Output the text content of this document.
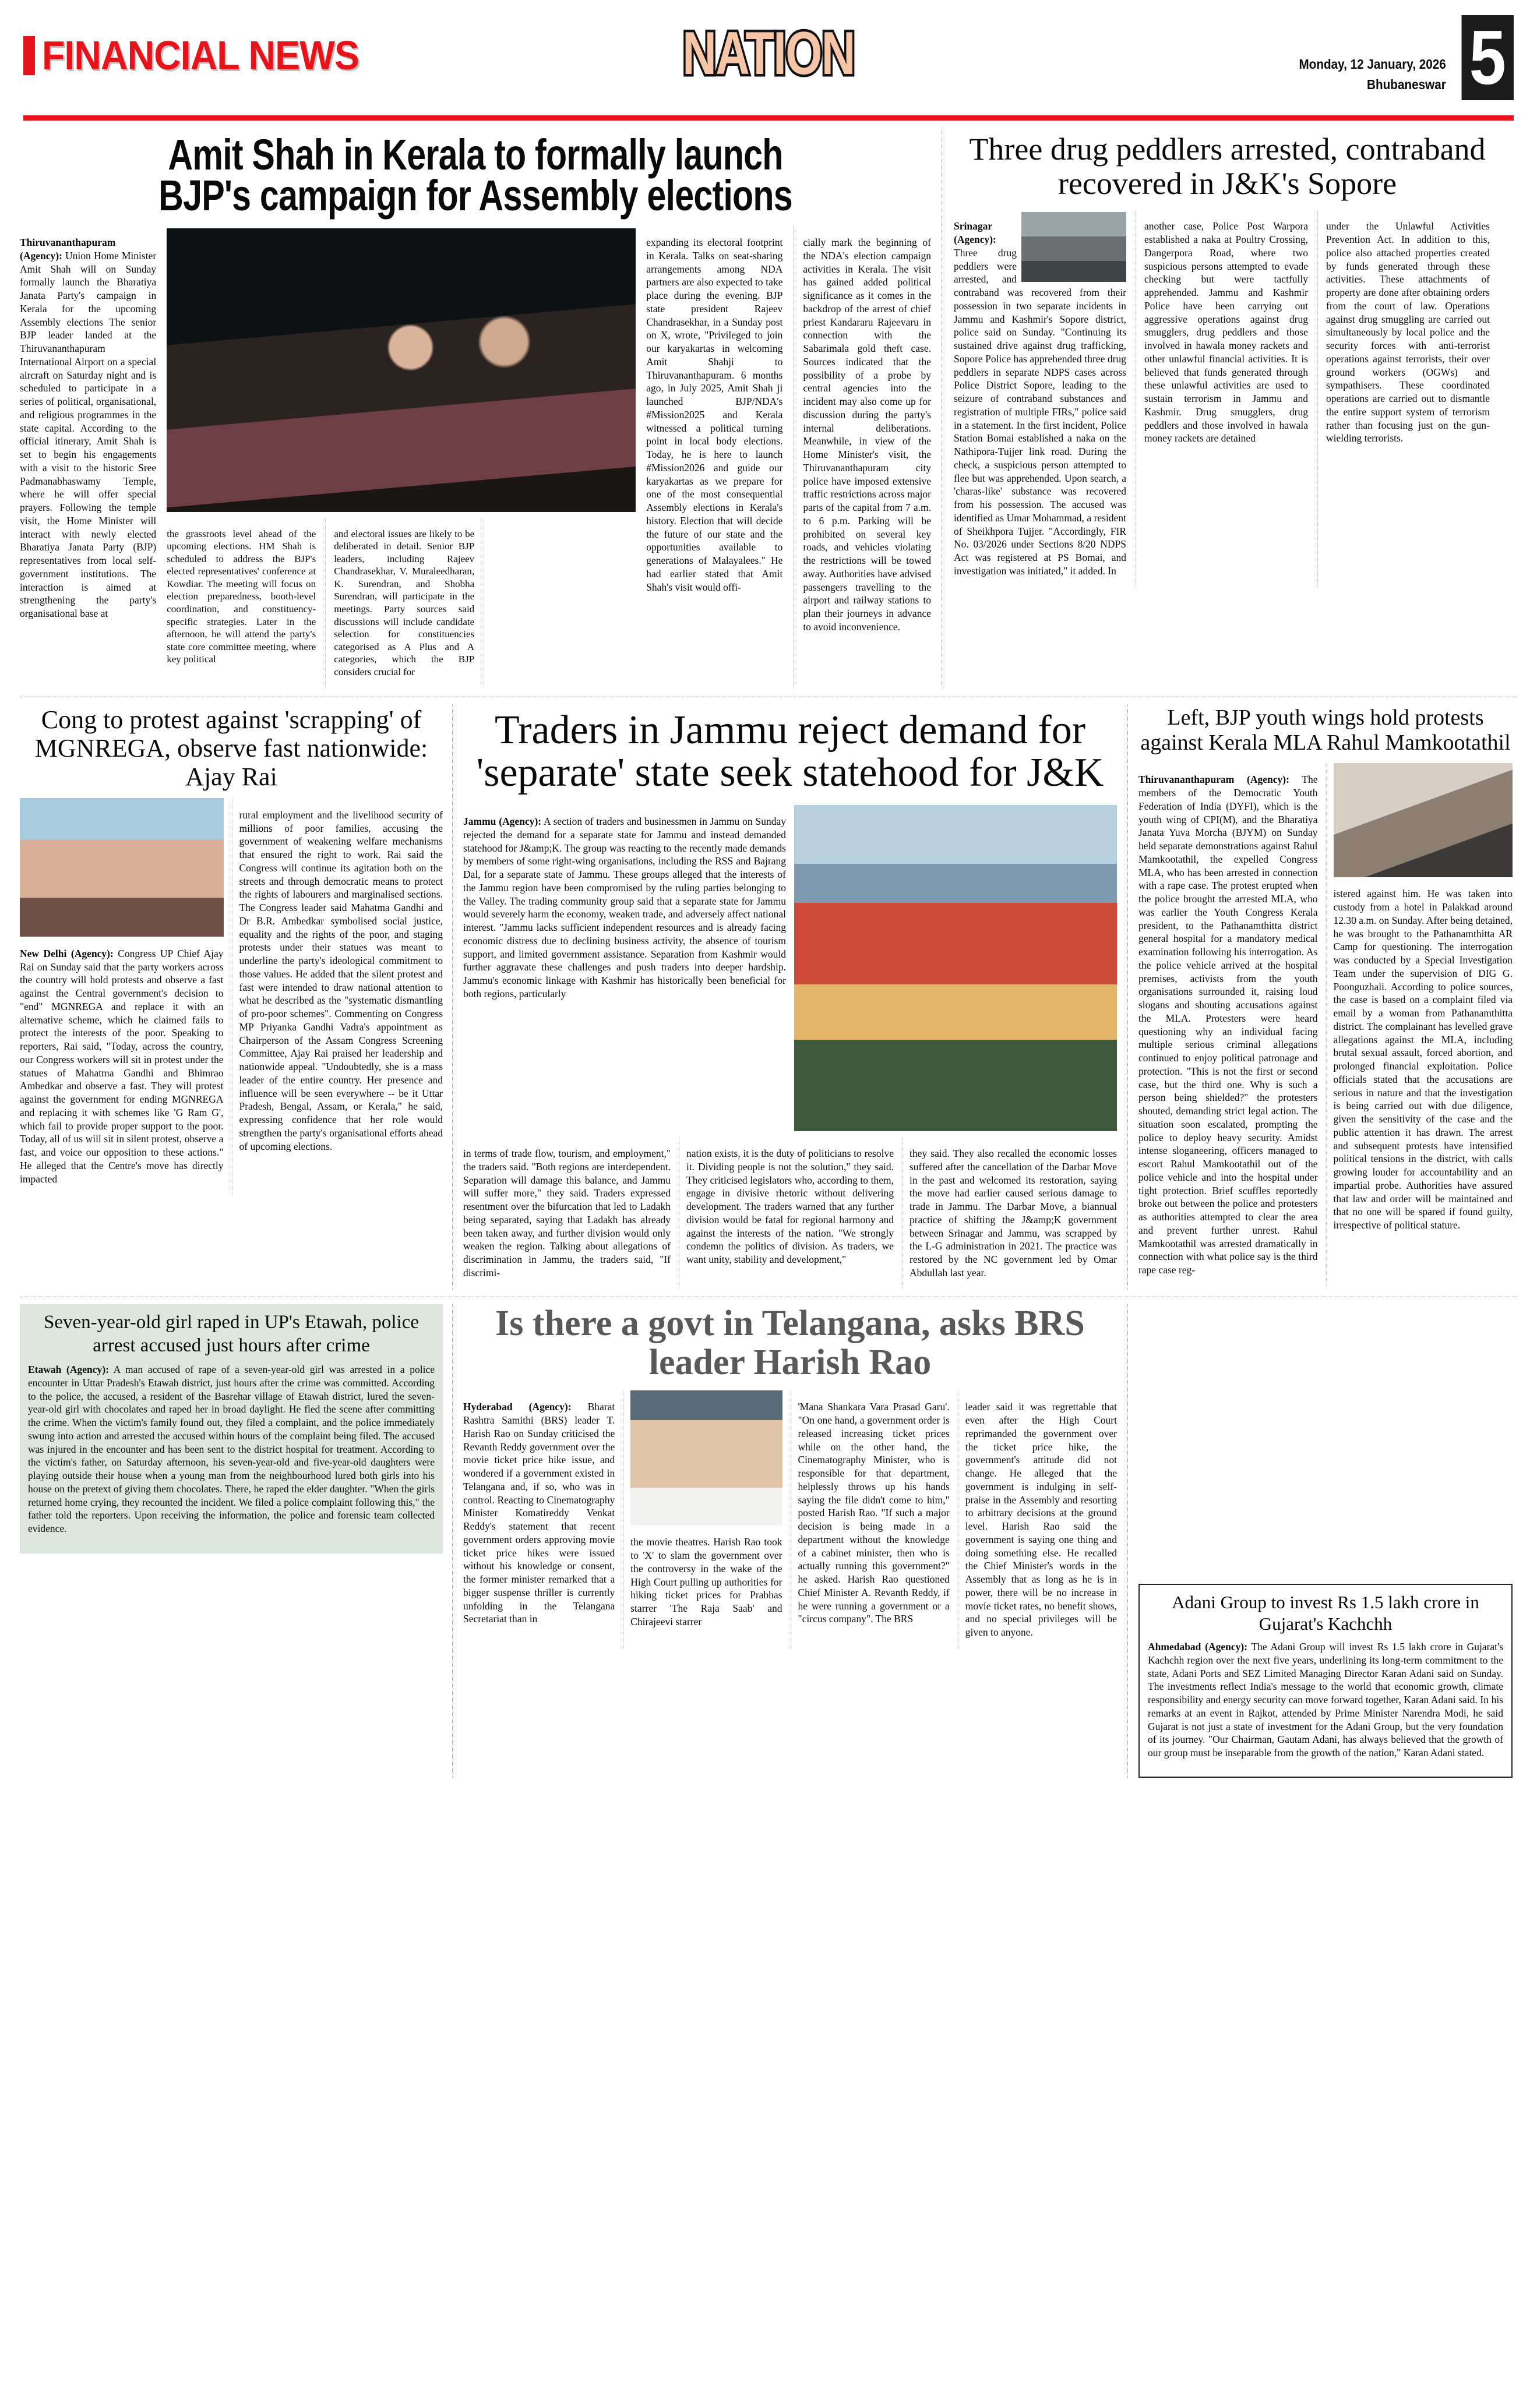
FINANCIAL NEWS	NATION	Monday, 12 January, 2026
Bhubaneswar 5
Amit Shah in Kerala to formally launch BJP's campaign for Assembly elections

Thiruvananthapuram (Agency): Union Home Minister Amit Shah will on Sunday formally launch the Bharatiya Janata Party's campaign in Kerala for the upcoming Assembly elections The senior BJP leader landed at the Thiruvananthapuram International Airport on a special aircraft on Saturday night and is scheduled to participate in a series of political, organisational, and religious programmes in the state capital. According to the official itinerary, Amit Shah is set to begin his engagements with a visit to the historic Sree Padmanabhaswamy Temple, where he will offer special prayers. Following the temple visit, the Home Minister will interact with newly elected Bharatiya Janata Party (BJP) representatives from local self-government institutions. The interaction is aimed at strengthening the party's organisational base at

the grassroots level ahead of the upcoming elections. HM Shah is scheduled to address the BJP's elected representatives' conference at Kowdiar. The meeting will focus on election preparedness, booth-level coordination, and constituency-specific strategies. Later in the afternoon, he will attend the party's state core committee meeting, where key political

and electoral issues are likely to be deliberated in detail. Senior BJP leaders, including Rajeev Chandrasekhar, V. Muraleedharan, K. Surendran, and Shobha Surendran, will participate in the meetings. Party sources said discussions will include candidate selection for constituencies categorised as A Plus and A categories, which the BJP considers crucial for

expanding its electoral footprint in Kerala. Talks on seat-sharing arrangements among NDA partners are also expected to take place during the evening. BJP state president Rajeev Chandrasekhar, in a Sunday post on X, wrote, "Privileged to join our karyakartas in welcoming Amit Shahji to Thiruvananthapuram. 6 months ago, in July 2025, Amit Shah ji launched BJP/NDA's #Mission2025 and Kerala witnessed a political turning point in local body elections. Today, he is here to launch #Mission2026 and guide our karyakartas as we prepare for one of the most consequential Assembly elections in Kerala's history. Election that will decide the future of our state and the opportunities available to generations of Malayalees." He had earlier stated that Amit Shah's visit would offi-

cially mark the beginning of the NDA's election campaign activities in Kerala. The visit has gained added political significance as it comes in the backdrop of the arrest of chief priest Kandararu Rajeevaru in connection with the Sabarimala gold theft case. Sources indicated that the possibility of a probe by central agencies into the incident may also come up for discussion during the party's internal deliberations. Meanwhile, in view of the Home Minister's visit, the Thiruvananthapuram city police have imposed extensive traffic restrictions across major parts of the capital from 7 a.m. to 6 p.m. Parking will be prohibited on several key roads, and vehicles violating the restrictions will be towed away. Authorities have advised passengers travelling to the airport and railway stations to plan their journeys in advance to avoid inconvenience.

Three drug peddlers arrested, contraband recovered in J&K's Sopore

Srinagar (Agency): Three drug peddlers were arrested, and contraband was recovered from their possession in two separate incidents in Jammu and Kashmir's Sopore district, police said on Sunday. "Continuing its sustained drive against drug trafficking, Sopore Police has apprehended three drug peddlers in separate NDPS cases across Police District Sopore, leading to the seizure of contraband substances and registration of multiple FIRs," police said in a statement. In the first incident, Police Station Bomai established a naka on the Nathipora-Tujjer link road. During the check, a suspicious person attempted to flee but was apprehended. Upon search, a 'charas-like' substance was recovered from his possession. The accused was identified as Umar Mohammad, a resident of Sheikhpora Tujjer. "Accordingly, FIR No. 03/2026 under Sections 8/20 NDPS Act was registered at PS Bomai, and investigation was initiated," it added. In

another case, Police Post Warpora established a naka at Poultry Crossing, Dangerpora Road, where two suspicious persons attempted to evade checking but were tactfully apprehended. Jammu and Kashmir Police have been carrying out aggressive operations against drug smugglers, drug peddlers and those involved in hawala money rackets and other unlawful financial activities. It is believed that funds generated through these unlawful activities are used to sustain terrorism in Jammu and Kashmir. Drug smugglers, drug peddlers and those involved in hawala money rackets are detained

under the Unlawful Activities Prevention Act. In addition to this, police also attached properties created by funds generated through these activities. These attachments of property are done after obtaining orders from the court of law. Operations against drug smuggling are carried out simultaneously by local police and the security forces with anti-terrorist operations against terrorists, their over ground workers (OGWs) and sympathisers. These coordinated operations are carried out to dismantle the entire support system of terrorism rather than focusing just on the gun-wielding terrorists.

Cong to protest against 'scrapping' of MGNREGA, observe fast nationwide: Ajay Rai

New Delhi (Agency): Congress UP Chief Ajay Rai on Sunday said that the party workers across the country will hold protests and observe a fast against the Central government's decision to "end" MGNREGA and replace it with an alternative scheme, which he claimed fails to protect the interests of the poor. Speaking to reporters, Rai said, "Today, across the country, our Congress workers will sit in protest under the statues of Mahatma Gandhi and Bhimrao Ambedkar and observe a fast. They will protest against the government for ending MGNREGA and replacing it with schemes like 'G Ram G', which fail to provide proper support to the poor. Today, all of us will sit in silent protest, observe a fast, and voice our opposition to these actions." He alleged that the Centre's move has directly impacted

rural employment and the livelihood security of millions of poor families, accusing the government of weakening welfare mechanisms that ensured the right to work. Rai said the Congress will continue its agitation both on the streets and through democratic means to protect the rights of labourers and marginalised sections. The Congress leader said Mahatma Gandhi and Dr B.R. Ambedkar symbolised social justice, equality and the rights of the poor, and staging protests under their statues was meant to underline the party's ideological commitment to those values. He added that the silent protest and fast were intended to draw national attention to what he described as the "systematic dismantling of pro-poor schemes". Commenting on Congress MP Priyanka Gandhi Vadra's appointment as Chairperson of the Assam Congress Screening Committee, Ajay Rai praised her leadership and nationwide appeal. "Undoubtedly, she is a mass leader of the entire country. Her presence and influence will be seen everywhere -- be it Uttar Pradesh, Bengal, Assam, or Kerala," he said, expressing confidence that her role would strengthen the party's organisational efforts ahead of upcoming elections.

Traders in Jammu reject demand for 'separate' state seek statehood for J&K

Jammu (Agency): A section of traders and businessmen in Jammu on Sunday rejected the demand for a separate state for Jammu and instead demanded statehood for J&amp;K. The group was reacting to the recently made demands by members of some right-wing organisations, including the RSS and Bajrang Dal, for a separate state of Jammu. These groups alleged that the interests of the Jammu region have been compromised by the ruling parties belonging to the Valley. The trading community group said that a separate state for Jammu would severely harm the economy, weaken trade, and adversely affect national interest. "Jammu lacks sufficient independent resources and is already facing economic distress due to declining business activity, the absence of tourism support, and limited government assistance. Separation from Kashmir would further aggravate these challenges and push traders into deeper hardship. Jammu's economic linkage with Kashmir has historically been beneficial for both regions, particularly

in terms of trade flow, tourism, and employment," the traders said. "Both regions are interdependent. Separation will damage this balance, and Jammu will suffer more," they said. Traders expressed resentment over the bifurcation that led to Ladakh being separated, saying that Ladakh has already been taken away, and further division would only weaken the region. Talking about allegations of discrimination in Jammu, the traders said, "If discrimi-

nation exists, it is the duty of politicians to resolve it. Dividing people is not the solution," they said. They criticised legislators who, according to them, engage in divisive rhetoric without delivering development. The traders warned that any further division would be fatal for regional harmony and against the interests of the nation. "We strongly condemn the politics of division. As traders, we want unity, stability and development,"

they said. They also recalled the economic losses suffered after the cancellation of the Darbar Move in the past and welcomed its restoration, saying the move had earlier caused serious damage to trade in Jammu. The Darbar Move, a biannual practice of shifting the J&amp;K government between Srinagar and Jammu, was scrapped by the L-G administration in 2021. The practice was restored by the NC government led by Omar Abdullah last year.

Left, BJP youth wings hold protests against Kerala MLA Rahul Mamkootathil

Thiruvananthapuram (Agency): The members of the Democratic Youth Federation of India (DYFI), which is the youth wing of CPI(M), and the Bharatiya Janata Yuva Morcha (BJYM) on Sunday held separate demonstrations against Rahul Mamkootathil, the expelled Congress MLA, who has been arrested in connection with a rape case. The protest erupted when the police brought the arrested MLA, who was earlier the Youth Congress Kerala president, to the Pathanamthitta district general hospital for a mandatory medical examination following his interrogation. As the police vehicle arrived at the hospital premises, activists from the youth organisations surrounded it, raising loud slogans and shouting accusations against the MLA. Protesters were heard questioning why an individual facing multiple serious criminal allegations continued to enjoy political patronage and protection. "This is not the first or second case, but the third one. Why is such a person being shielded?" the protesters shouted, demanding strict legal action. The situation soon escalated, prompting the police to deploy heavy security. Amidst intense sloganeering, officers managed to escort Rahul Mamkootathil out of the police vehicle and into the hospital under tight protection. Brief scuffles reportedly broke out between the police and protesters as authorities attempted to clear the area and prevent further unrest. Rahul Mamkootathil was arrested dramatically in connection with what police say is the third rape case reg-

istered against him. He was taken into custody from a hotel in Palakkad around 12.30 a.m. on Sunday. After being detained, he was brought to the Pathanamthitta AR Camp for questioning. The interrogation was conducted by a Special Investigation Team under the supervision of DIG G. Poonguzhali. According to police sources, the case is based on a complaint filed via email by a woman from Pathanamthitta district. The complainant has levelled grave allegations against the MLA, including brutal sexual assault, forced abortion, and prolonged financial exploitation. Police officials stated that the accusations are serious in nature and that the investigation is being carried out with due diligence, given the sensitivity of the case and the public attention it has drawn. The arrest and subsequent protests have intensified political tensions in the district, with calls growing louder for accountability and an impartial probe. Authorities have assured that law and order will be maintained and that no one will be spared if found guilty, irrespective of political stature.

Seven-year-old girl raped in UP's Etawah, police arrest accused just hours after crime

Etawah (Agency): A man accused of rape of a seven-year-old girl was arrested in a police encounter in Uttar Pradesh's Etawah district, just hours after the crime was committed. According to the police, the accused, a resident of the Basrehar village of Etawah district, lured the seven-year-old girl with chocolates and raped her in broad daylight. He fled the scene after committing the crime. When the victim's family found out, they filed a complaint, and the police immediately swung into action and arrested the accused within hours of the complaint being filed. The accused was injured in the encounter and has been sent to the district hospital for treatment. According to the victim's father, on Saturday afternoon, his seven-year-old and five-year-old daughters were playing outside their house when a young man from the neighbourhood lured both girls into his house on the pretext of giving them chocolates. There, he raped the elder daughter. "When the girls returned home crying, they recounted the incident. We filed a police complaint following this," the father told the reporters. Upon receiving the information, the police and forensic team collected evidence.

Is there a govt in Telangana, asks BRS leader Harish Rao

Hyderabad (Agency): Bharat Rashtra Samithi (BRS) leader T. Harish Rao on Sunday criticised the Revanth Reddy government over the movie ticket price hike issue, and wondered if a government existed in Telangana and, if so, who was in control. Reacting to Cinematography Minister Komatireddy Venkat Reddy's statement that recent government orders approving movie ticket price hikes were issued without his knowledge or consent, the former minister remarked that a bigger suspense thriller is currently unfolding in the Telangana Secretariat than in

the movie theatres. Harish Rao took to 'X' to slam the government over the controversy in the wake of the High Court pulling up authorities for hiking ticket prices for Prabhas starrer 'The Raja Saab' and Chirajeevi starrer

'Mana Shankara Vara Prasad Garu'. "On one hand, a government order is released increasing ticket prices while on the other hand, the Cinematography Minister, who is responsible for that department, helplessly throws up his hands saying the file didn't come to him," posted Harish Rao. "If such a major decision is being made in a department without the knowledge of a cabinet minister, then who is actually running this government?" he asked. Harish Rao questioned Chief Minister A. Revanth Reddy, if he were running a government or a "circus company". The BRS

leader said it was regrettable that even after the High Court reprimanded the government over the ticket price hike, the government's attitude did not change. He alleged that the government is indulging in self-praise in the Assembly and resorting to arbitrary decisions at the ground level. Harish Rao said the government is saying one thing and doing something else. He recalled the Chief Minister's words in the Assembly that as long as he is in power, there will be no increase in movie ticket rates, no benefit shows, and no special privileges will be given to anyone.

Adani Group to invest Rs 1.5 lakh crore in Gujarat's Kachchh

Ahmedabad (Agency): The Adani Group will invest Rs 1.5 lakh crore in Gujarat's Kachchh region over the next five years, underlining its long-term commitment to the state, Adani Ports and SEZ Limited Managing Director Karan Adani said on Sunday. The investments reflect India's message to the world that economic growth, climate responsibility and energy security can move forward together, Karan Adani said. In his remarks at an event in Rajkot, attended by Prime Minister Narendra Modi, he said Gujarat is not just a state of investment for the Adani Group, but the very foundation of its journey. "Our Chairman, Gautam Adani, has always believed that the growth of our group must be inseparable from the growth of the nation," Karan Adani stated.
